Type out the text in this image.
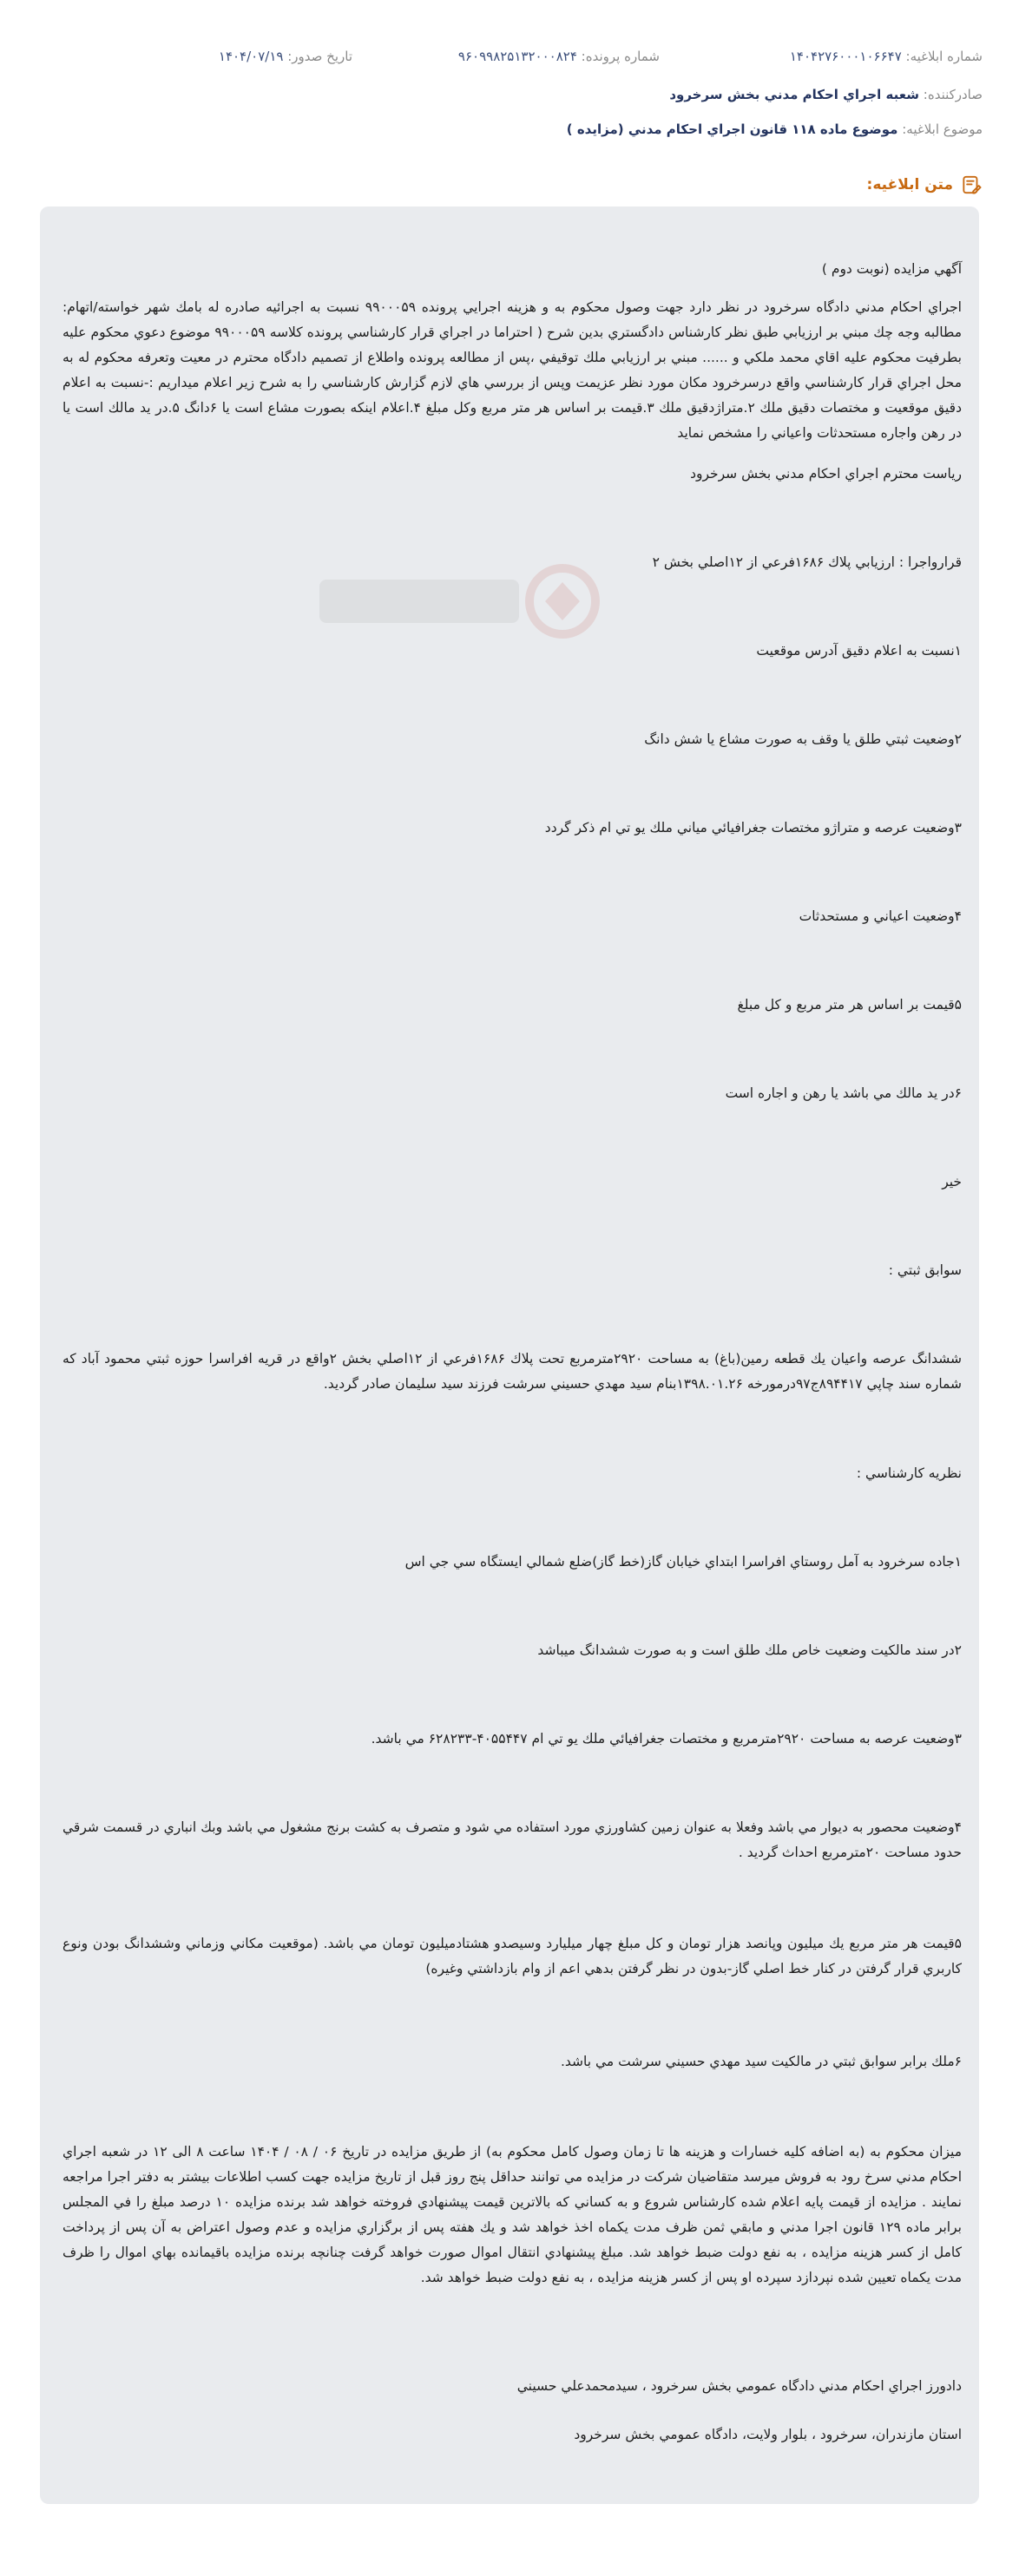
شماره ابلاغیه: ۱۴۰۴۲۷۶۰۰۰۱۰۶۶۴۷
شماره پرونده: ۹۶۰۹۹۸۲۵۱۳۲۰۰۰۸۲۴
تاریخ صدور: ۱۴۰۴/۰۷/۱۹
صادرکننده: شعبه اجراي احکام مدني بخش سرخرود
موضوع ابلاغیه: موضوع ماده ۱۱۸ قانون اجراي احکام مدني (مزايده )
متن ابلاغیه:
آگهي مزايده (نوبت دوم )
اجراي احكام مدني دادگاه سرخرود در نظر دارد جهت وصول محكوم به و هزينه اجرايي پرونده ۹۹۰۰۰۵۹ نسبت به اجرائيه صادره له بامك شهر خواسته/اتهام: مطالبه وجه چك مبني بر ارزيابي طبق نظر كارشناس دادگستري بدين شرح ( احتراما در اجراي قرار كارشناسي پرونده كلاسه ۹۹۰۰۰۵۹ موضوع دعوي محكوم عليه بطرفيت محكوم عليه اقاي محمد ملكي و ...... مبني بر ارزيابي ملك توقيفي ،پس از مطالعه پرونده واطلاع از تصميم دادگاه محترم در معيت وتعرفه محكوم له به محل اجراي قرار كارشناسي واقع درسرخرود مكان مورد نظر عزيمت وپس از بررسي هاي لازم گزارش كارشناسي را به شرح زير اعلام ميداريم :-نسبت به اعلام دقيق موقعيت و مختصات دقيق ملك ۲.متراژدقيق ملك ۳.قيمت بر اساس هر متر مربع وكل مبلغ ۴.اعلام اينكه بصورت مشاع است يا ۶دانگ ۵.در يد مالك است يا در رهن واجاره مستحدثات واعياني را مشخص نمايد
رياست محترم اجراي احكام مدني بخش سرخرود
قرارواجرا : ارزيابي پلاك ۱۶۸۶فرعي از ۱۲اصلي بخش ۲
۱نسبت به اعلام دقيق آدرس موقعيت
۲وضعيت ثبتي طلق يا وقف به صورت مشاع يا شش دانگ
۳وضعيت عرصه و متراژو مختصات جغرافيائي مياني ملك يو تي ام ذكر گردد
۴وضعيت اعياني و مستحدثات
۵قيمت بر اساس هر متر مربع و كل مبلغ
۶در يد مالك مي باشد يا رهن و اجاره است
خير
سوابق ثبتي :
ششدانگ عرصه واعيان يك قطعه رمين(باغ) به مساحت ۲۹۲۰مترمربع تحت پلاك ۱۶۸۶فرعي از ۱۲اصلي بخش ۲واقع در قريه افراسرا حوزه ثبتي محمود آباد كه شماره سند چاپي ۸۹۴۴۱۷ج۹۷درمورخه ۱۳۹۸.۰۱.۲۶بنام سيد مهدي حسيني سرشت فرزند سيد سليمان صادر گرديد.
نظريه كارشناسي :
۱جاده سرخرود به آمل روستاي افراسرا ابتداي خيابان گاز(خط گاز)ضلع شمالي ايستگاه سي جي اس
۲در سند مالكيت وضعيت خاص ملك طلق است و به صورت ششدانگ ميباشد
۳وضعيت عرصه به مساحت ۲۹۲۰مترمربع و مختصات جغرافيائي ملك يو تي ام ۴۰۵۵۴۴۷-۶۲۸۲۳۳ مي باشد.
۴وضعيت محصور به ديوار مي باشد وفعلا به عنوان زمين كشاورزي مورد استفاده مي شود و متصرف به كشت برنج مشغول مي باشد وبك انباري در قسمت شرقي حدود مساحت ۲۰مترمربع احداث گرديد .
۵قيمت هر متر مربع يك ميليون وپانصد هزار تومان و كل مبلغ چهار ميليارد وسيصدو هشتادميليون تومان مي باشد. (موقعيت مكاني وزماني وششدانگ بودن ونوع كاربري قرار گرفتن در كنار خط اصلي گاز-بدون در نظر گرفتن بدهي اعم از وام بازداشتي وغيره)
۶ملك برابر سوابق ثبتي در مالكيت سيد مهدي حسيني سرشت مي باشد.
ميزان محكوم به (به اضافه كليه خسارات و هزينه ها تا زمان وصول كامل محكوم به) از طريق مزايده در تاريخ ۰۶ / ۰۸ / ۱۴۰۴ ساعت ۸ الى ۱۲ در شعبه اجراي احكام مدني سرخ رود به فروش ميرسد متقاضيان شركت در مزايده مي توانند حداقل پنج روز قبل از تاريخ مزايده جهت كسب اطلاعات بيشتر به دفتر اجرا مراجعه نمايند . مزايده از قيمت پايه اعلام شده كارشناس شروع و به كساني كه بالاترين قيمت پيشنهادي فروخته خواهد شد برنده مزايده ۱۰ درصد مبلغ را في المجلس برابر ماده ۱۲۹ قانون اجرا مدني و مابقي ثمن ظرف مدت يكماه اخذ خواهد شد و يك هفته پس از برگزاري مزايده و عدم وصول اعتراض به آن پس از پرداخت كامل از كسر هزينه مزايده ، به نفع دولت ضبط خواهد شد. مبلغ پيشنهادي انتقال اموال صورت خواهد گرفت چنانچه برنده مزايده باقيمانده بهاي اموال را ظرف مدت يكماه تعيين شده نپردازد سپرده او پس از كسر هزينه مزايده ، به نفع دولت ضبط خواهد شد.
دادورز اجراي احكام مدني دادگاه عمومي بخش سرخرود ، سيدمحمدعلي حسيني
استان مازندران، سرخرود ، بلوار ولايت، دادگاه عمومي بخش سرخرود
